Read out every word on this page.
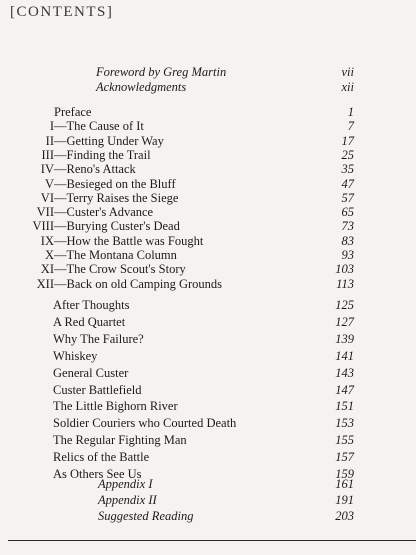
[CONTENTS]
Foreword by Greg Martin	vii
Acknowledgments	xii
Preface	1
I —The Cause of It	7
II —Getting Under Way	17
III —Finding the Trail	25
IV —Reno's Attack	35
V —Besieged on the Bluff	47
VI —Terry Raises the Siege	57
VII —Custer's Advance	65
VIII —Burying Custer's Dead	73
IX —How the Battle was Fought	83
X —The Montana Column	93
XI —The Crow Scout's Story	103
XII —Back on old Camping Grounds	113
After Thoughts	125
A Red Quartet	127
Why The Failure?	139
Whiskey	141
General Custer	143
Custer Battlefield	147
The Little Bighorn River	151
Soldier Couriers who Courted Death	153
The Regular Fighting Man	155
Relics of the Battle	157
As Others See Us	159
Appendix I	161
Appendix II	191
Suggested Reading	203
